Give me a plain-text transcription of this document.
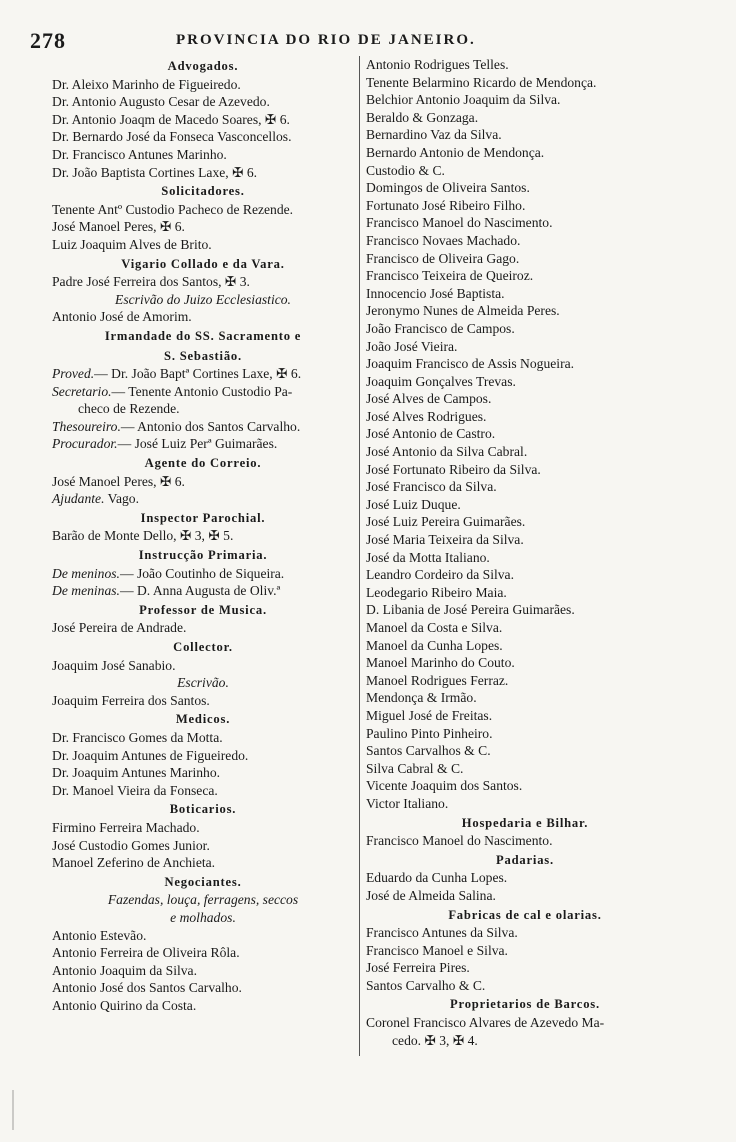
278	PROVINCIA DO RIO DE JANEIRO.
Advogados.
Dr. Aleixo Marinho de Figueiredo.
Dr. Antonio Augusto Cesar de Azevedo.
Dr. Antonio Joaqm de Macedo Soares, ✠ 6.
Dr. Bernardo José da Fonseca Vasconcellos.
Dr. Francisco Antunes Marinho.
Dr. João Baptista Cortines Laxe, ✠ 6.
Solicitadores.
Tenente Antº Custodio Pacheco de Rezende.
José Manoel Peres, ✠ 6.
Luiz Joaquim Alves de Brito.
Vigario Collado e da Vara.
Padre José Ferreira dos Santos, ✠ 3.
Escrivão do Juizo Ecclesiastico.
Antonio José de Amorim.
Irmandade do SS. Sacramento e
S. Sebastião.
Proved.— Dr. João Baptª Cortines Laxe, ✠ 6.
Secretario.— Tenente Antonio Custodio Pa-
checo de Rezende.
Thesoureiro.— Antonio dos Santos Carvalho.
Procurador.— José Luiz Perª Guimarães.
Agente do Correio.
José Manoel Peres, ✠ 6.
Ajudante. Vago.
Inspector Parochial.
Barão de Monte Dello, ✠ 3, ✠ 5.
Instrucção Primaria.
De meninos.— João Coutinho de Siqueira.
De meninas.— D. Anna Augusta de Oliv.ª
Professor de Musica.
José Pereira de Andrade.
Collector.
Joaquim José Sanabio.
Escrivão.
Joaquim Ferreira dos Santos.
Medicos.
Dr. Francisco Gomes da Motta.
Dr. Joaquim Antunes de Figueiredo.
Dr. Joaquim Antunes Marinho.
Dr. Manoel Vieira da Fonseca.
Boticarios.
Firmino Ferreira Machado.
José Custodio Gomes Junior.
Manoel Zeferino de Anchieta.
Negociantes.
Fazendas, louça, ferragens, seccos
e molhados.
Antonio Estevão.
Antonio Ferreira de Oliveira Rôla.
Antonio Joaquim da Silva.
Antonio José dos Santos Carvalho.
Antonio Quirino da Costa.
Antonio Rodrigues Telles.
Tenente Belarmino Ricardo de Mendonça.
Belchior Antonio Joaquim da Silva.
Beraldo & Gonzaga.
Bernardino Vaz da Silva.
Bernardo Antonio de Mendonça.
Custodio & C.
Domingos de Oliveira Santos.
Fortunato José Ribeiro Filho.
Francisco Manoel do Nascimento.
Francisco Novaes Machado.
Francisco de Oliveira Gago.
Francisco Teixeira de Queiroz.
Innocencio José Baptista.
Jeronymo Nunes de Almeida Peres.
João Francisco de Campos.
João José Vieira.
Joaquim Francisco de Assis Nogueira.
Joaquim Gonçalves Trevas.
José Alves de Campos.
José Alves Rodrigues.
José Antonio de Castro.
José Antonio da Silva Cabral.
José Fortunato Ribeiro da Silva.
José Francisco da Silva.
José Luiz Duque.
José Luiz Pereira Guimarães.
José Maria Teixeira da Silva.
José da Motta Italiano.
Leandro Cordeiro da Silva.
Leodegario Ribeiro Maia.
D. Libania de José Pereira Guimarães.
Manoel da Costa e Silva.
Manoel da Cunha Lopes.
Manoel Marinho do Couto.
Manoel Rodrigues Ferraz.
Mendonça & Irmão.
Miguel José de Freitas.
Paulino Pinto Pinheiro.
Santos Carvalhos & C.
Silva Cabral & C.
Vicente Joaquim dos Santos.
Victor Italiano.
Hospedaria e Bilhar.
Francisco Manoel do Nascimento.
Padarias.
Eduardo da Cunha Lopes.
José de Almeida Salina.
Fabricas de cal e olarias.
Francisco Antunes da Silva.
Francisco Manoel e Silva.
José Ferreira Pires.
Santos Carvalho & C.
Proprietarios de Barcos.
Coronel Francisco Alvares de Azevedo Ma-
cedo. ✠ 3, ✠ 4.
